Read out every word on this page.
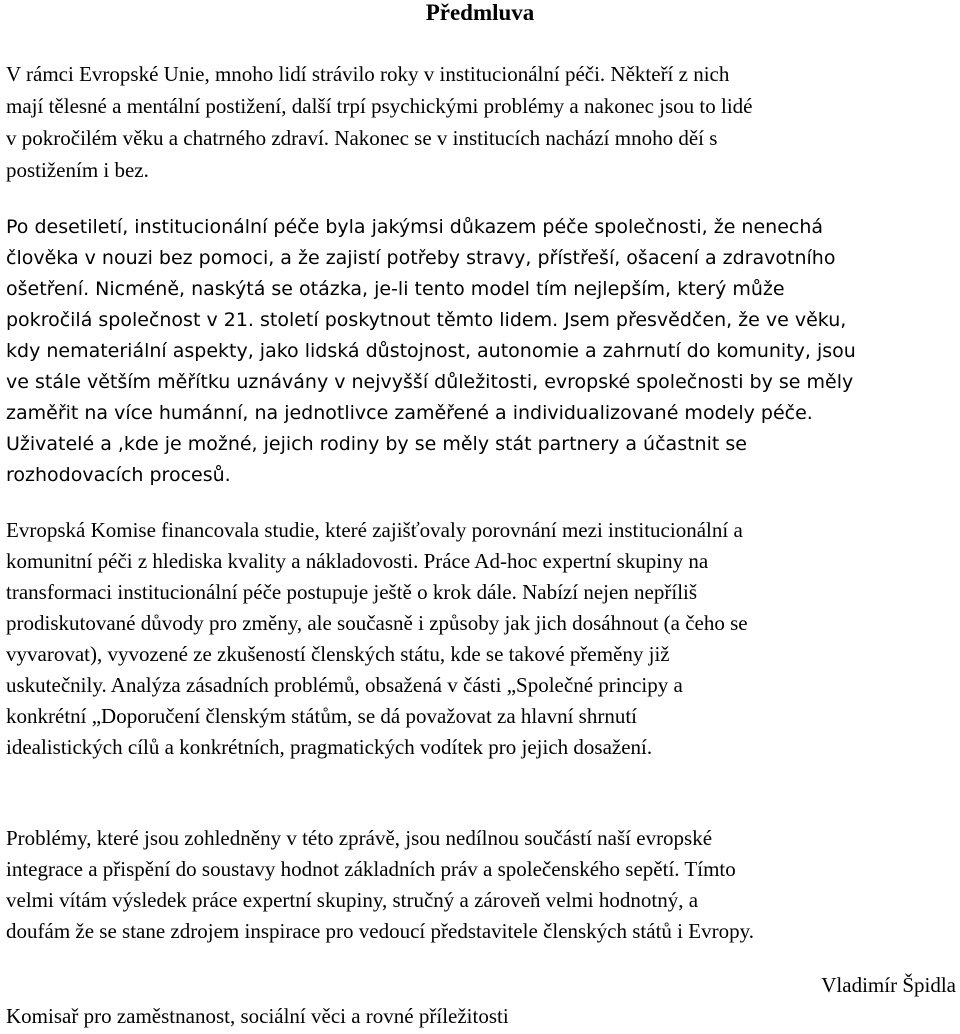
Předmluva

V rámci Evropské Unie, mnoho lidí strávilo roky v institucionální péči. Někteří z nich
mají tělesné a mentální postižení, další trpí psychickými problémy a nakonec jsou to lidé
v pokročilém věku a chatrného zdraví. Nakonec se v institucích nachází mnoho děí s
postižením i bez.

Po desetiletí, institucionální péče byla jakýmsi důkazem péče společnosti, že nenechá
člověka v nouzi bez pomoci, a že zajistí potřeby stravy, přístřeší, ošacení a zdravotního
ošetření. Nicméně, naskýtá se otázka, je-li tento model tím nejlepším, který může
pokročilá společnost v 21. století poskytnout těmto lidem. Jsem přesvědčen, že ve věku,
kdy nemateriální aspekty, jako lidská důstojnost, autonomie a zahrnutí do komunity, jsou
ve stále větším měřítku uznávány v nejvyšší důležitosti, evropské společnosti by se měly
zaměřit na více humánní, na jednotlivce zaměřené a individualizované modely péče.
Uživatelé a ,kde je možné, jejich rodiny by se měly stát partnery a účastnit se
rozhodovacích procesů.

Evropská Komise financovala studie, které zajišťovaly porovnání mezi institucionální a
komunitní péči z hlediska kvality a nákladovosti. Práce Ad-hoc expertní skupiny na
transformaci institucionální péče postupuje ještě o krok dále. Nabízí nejen nepříliš
prodiskutované důvody pro změny, ale současně i způsoby jak jich dosáhnout (a čeho se
vyvarovat), vyvozené ze zkušeností členských státu, kde se takové přeměny již
uskutečnily. Analýza zásadních problémů, obsažená v části „Společné principy a
konkrétní „Doporučení členským státům, se dá považovat za hlavní shrnutí
idealistických cílů a konkrétních, pragmatických vodítek pro jejich dosažení.

Problémy, které jsou zohledněny v této zprávě, jsou nedílnou součástí naší evropské
integrace a přispění do soustavy hodnot základních práv a společenského sepětí. Tímto
velmi vítám výsledek práce expertní skupiny, stručný a zároveň velmi hodnotný, a
doufám že se stane zdrojem inspirace pro vedoucí představitele členských států i Evropy.

Vladimír Špidla

Komisař pro zaměstnanost, sociální věci a rovné příležitosti
